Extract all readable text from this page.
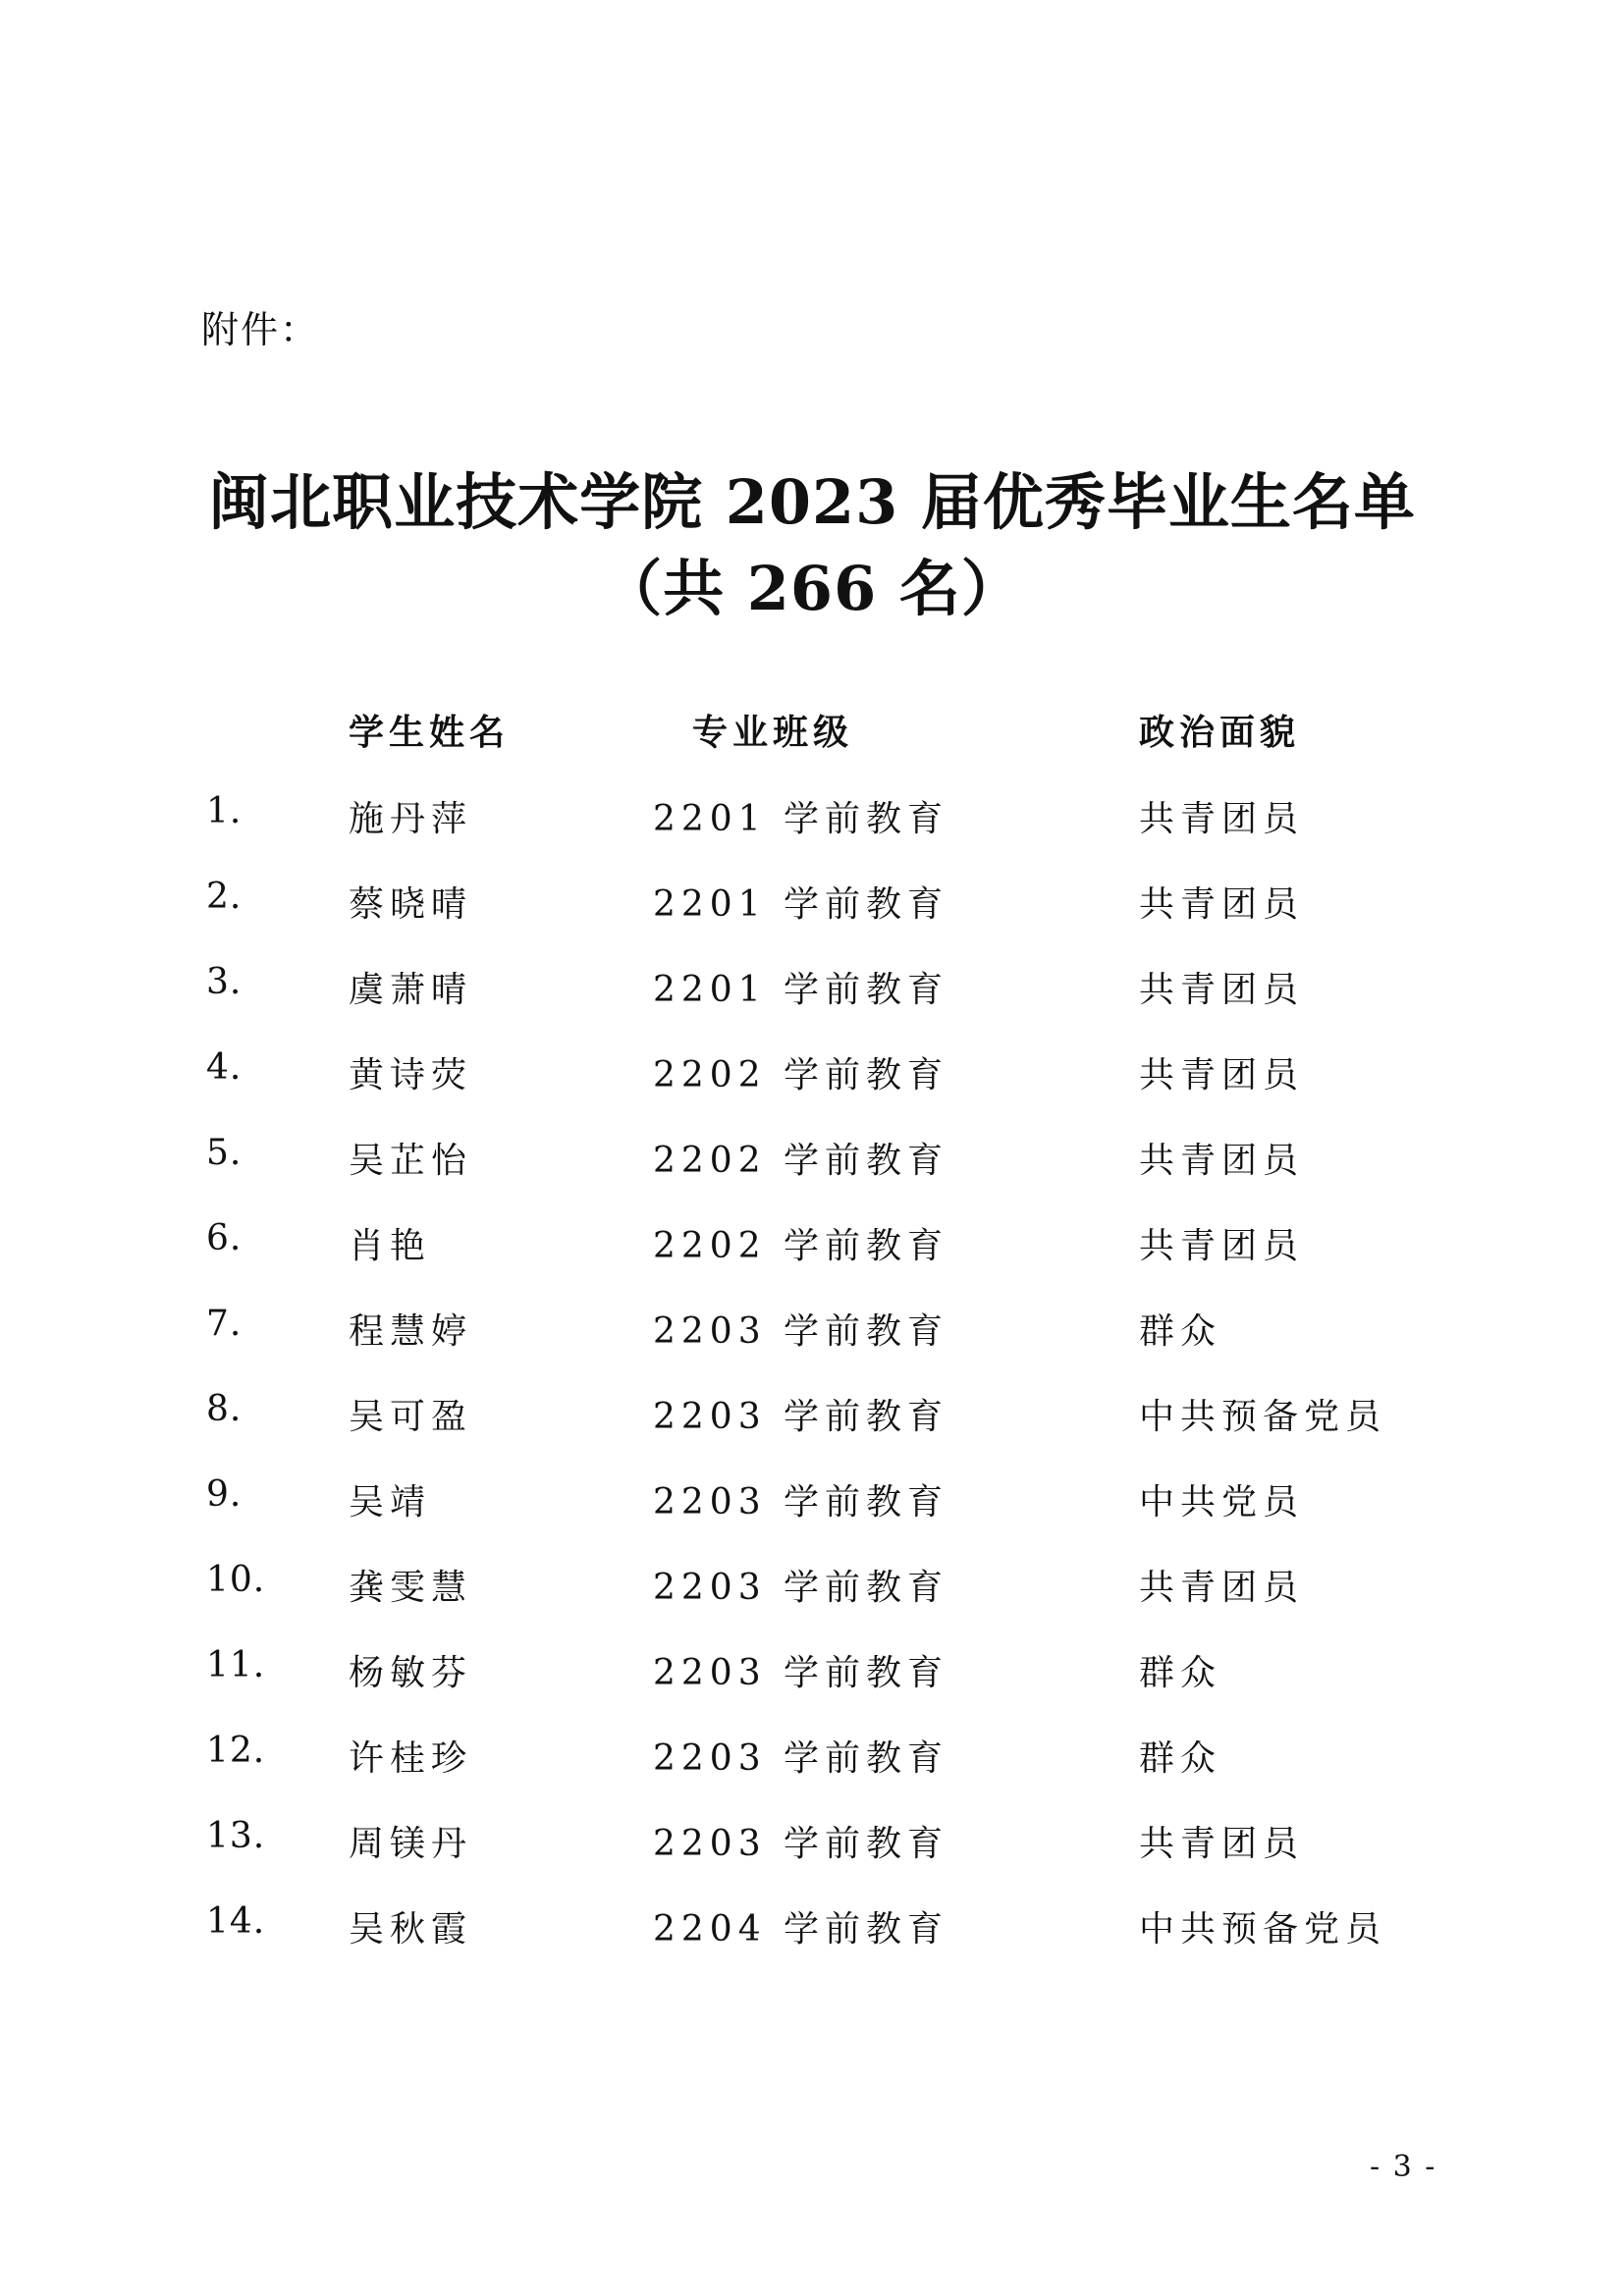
附件：
闽北职业技术学院 2023 届优秀毕业生名单
（共 266 名）
学生姓名	专业班级	政治面貌
1.	施丹萍	2201 学前教育	共青团员
2.	蔡晓晴	2201 学前教育	共青团员
3.	虞萧晴	2201 学前教育	共青团员
4.	黄诗荧	2202 学前教育	共青团员
5.	吴芷怡	2202 学前教育	共青团员
6.	肖艳	2202 学前教育	共青团员
7.	程慧婷	2203 学前教育	群众
8.	吴可盈	2203 学前教育	中共预备党员
9.	吴靖	2203 学前教育	中共党员
10. 龚雯慧	2203 学前教育	共青团员
11. 杨敏芬	2203 学前教育	群众
12. 许桂珍	2203 学前教育	群众
13. 周镁丹	2203 学前教育	共青团员
14. 吴秋霞	2204 学前教育	中共预备党员
- 3 -
